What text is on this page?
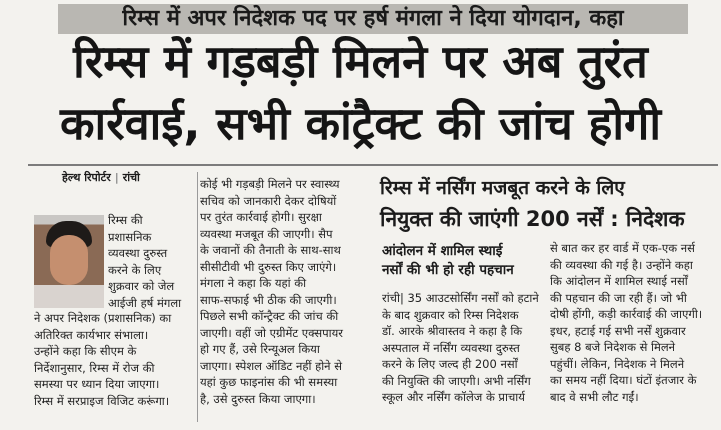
रिम्स में अपर निदेशक पद पर हर्ष मंगला ने दिया योगदान, कहा
रिम्स में गड़बड़ी मिलने पर अब तुरंत
कार्रवाई, सभी कांट्रैक्ट की जांच होगी
हेल्थ रिपोर्टर | रांची

रिम्स की

प्रशासनिक

व्यवस्था दुरुस्त

करने के लिए

शुक्रवार को जेल

आईजी हर्ष मंगला

ने अपर निदेशक (प्रशासनिक) का

अतिरिक्त कार्यभार संभाला।

उन्होंने कहा कि सीएम के

निर्देशानुसार, रिम्स में रोज की

समस्या पर ध्यान दिया जाएगा।

रिम्स में सरप्राइज विजिट करूंगा।

कोई भी गड़बड़ी मिलने पर स्वास्थ्य

सचिव को जानकारी देकर दोषियों

पर तुरंत कार्रवाई होगी। सुरक्षा

व्यवस्था मजबूत की जाएगी। सैप

के जवानों की तैनाती के साथ-साथ

सीसीटीवी भी दुरुस्त किए जाएंगे।

मंगला ने कहा कि यहां की

साफ-सफाई भी ठीक की जाएगी।

पिछले सभी कॉन्ट्रैक्ट की जांच की

जाएगी। वहीं जो एग्रीमेंट एक्सपायर

हो गए हैं, उसे रिन्यूअल किया

जाएगा। स्पेशल ऑडिट नहीं होने से

यहां कुछ फाइनांस की भी समस्या

है, उसे दुरुस्त किया जाएगा।

रिम्स में नर्सिंग मजबूत करने के लिए
नियुक्त की जाएंगी 200 नर्सें : निदेशक

आंदोलन में शामिल स्थाई

नर्सों की भी हो रही पहचान

रांची| 35 आउटसोर्सिंग नर्सों को हटाने

के बाद शुक्रवार को रिम्स निदेशक

डॉ. आरके श्रीवास्तव ने कहा है कि

अस्पताल में नर्सिंग व्यवस्था दुरुस्त

करने के लिए जल्द ही 200 नर्सों

की नियुक्ति की जाएगी। अभी नर्सिंग

स्कूल और नर्सिंग कॉलेज के प्राचार्य

से बात कर हर वार्ड में एक-एक नर्स

की व्यवस्था की गई है। उन्होंने कहा

कि आंदोलन में शामिल स्थाई नर्सों

की पहचान की जा रही हैं। जो भी

दोषी होंगी, कड़ी कार्रवाई की जाएगी।

इधर, हटाई गई सभी नर्सें शुक्रवार

सुबह 8 बजे निदेशक से मिलने

पहुंचीं। लेकिन, निदेशक ने मिलने

का समय नहीं दिया। घंटों इंतजार के

बाद वे सभी लौट गईं।
